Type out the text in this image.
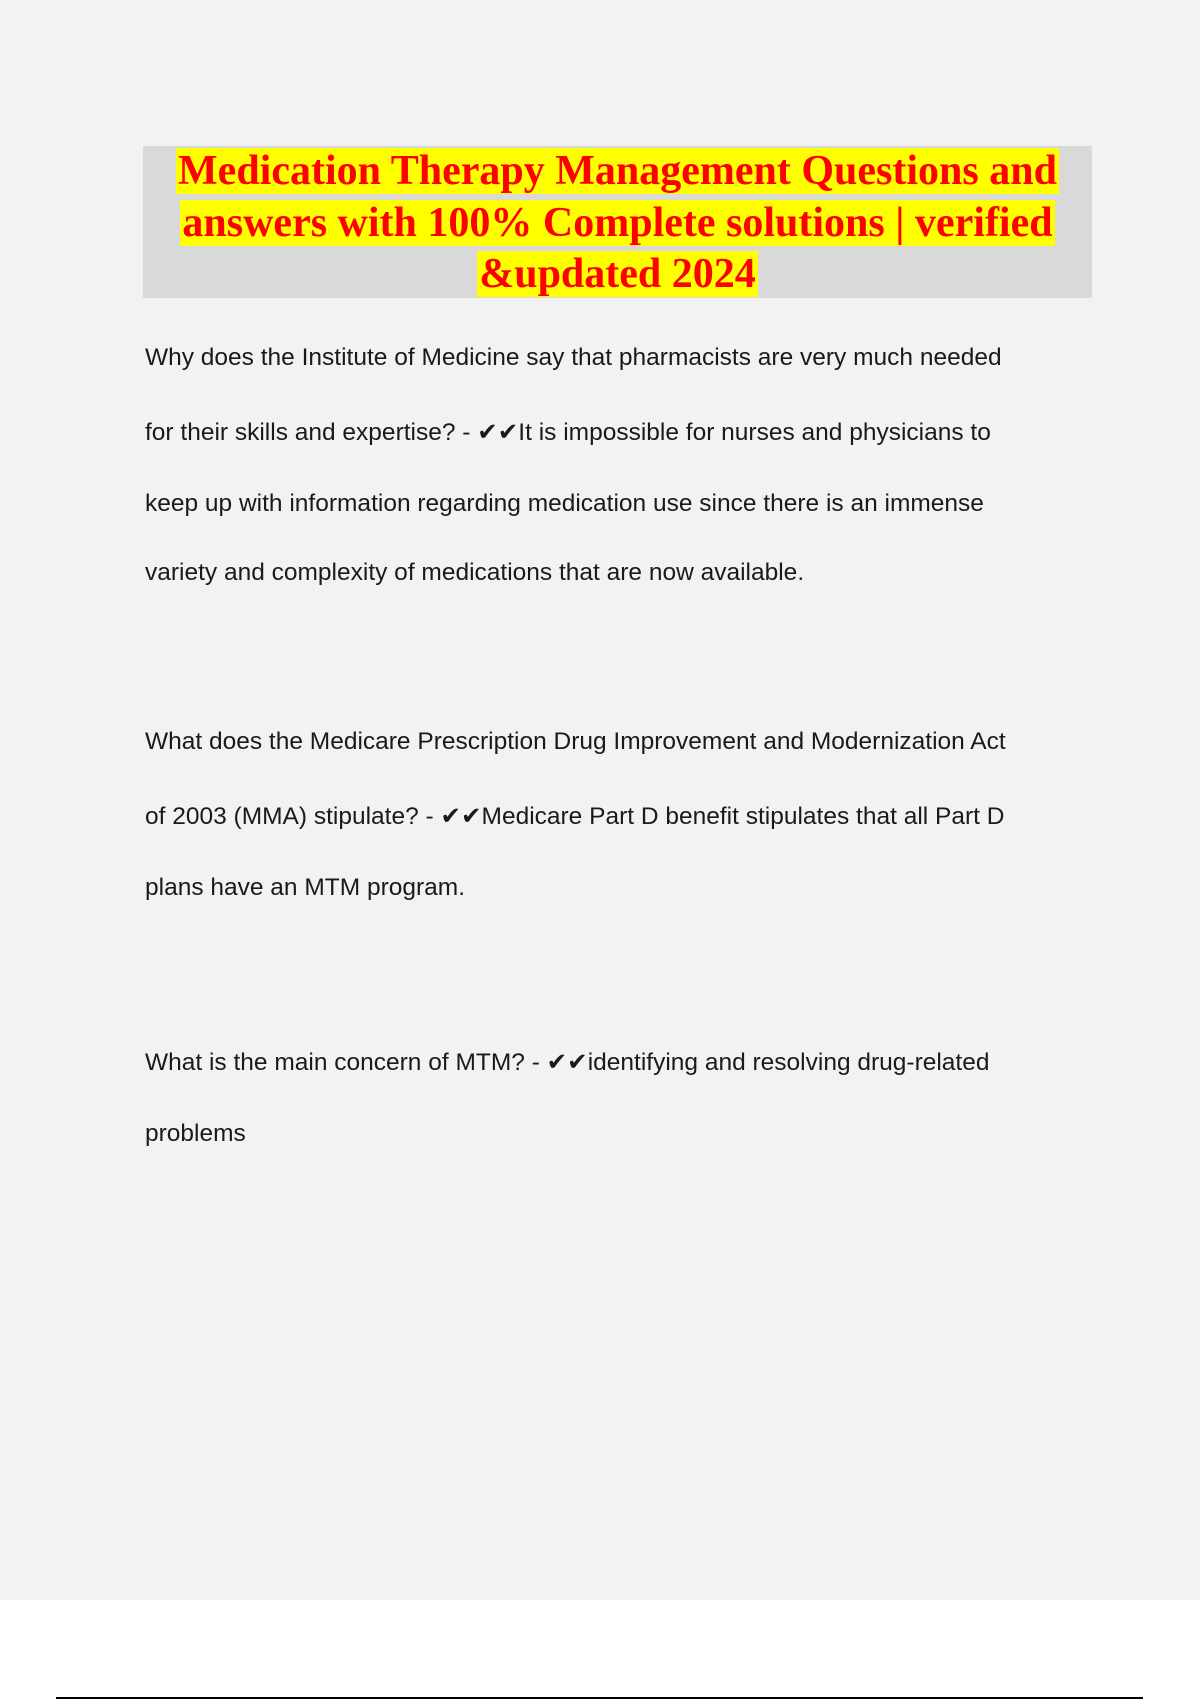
Medication Therapy Management Questions and
answers with 100% Complete solutions | verified
&updated 2024
Why does the Institute of Medicine say that pharmacists are very much needed
for their skills and expertise? - ✔✔It is impossible for nurses and physicians to
keep up with information regarding medication use since there is an immense
variety and complexity of medications that are now available.
What does the Medicare Prescription Drug Improvement and Modernization Act
of 2003 (MMA) stipulate? - ✔✔Medicare Part D benefit stipulates that all Part D
plans have an MTM program.
What is the main concern of MTM? - ✔✔identifying and resolving drug-related
problems
